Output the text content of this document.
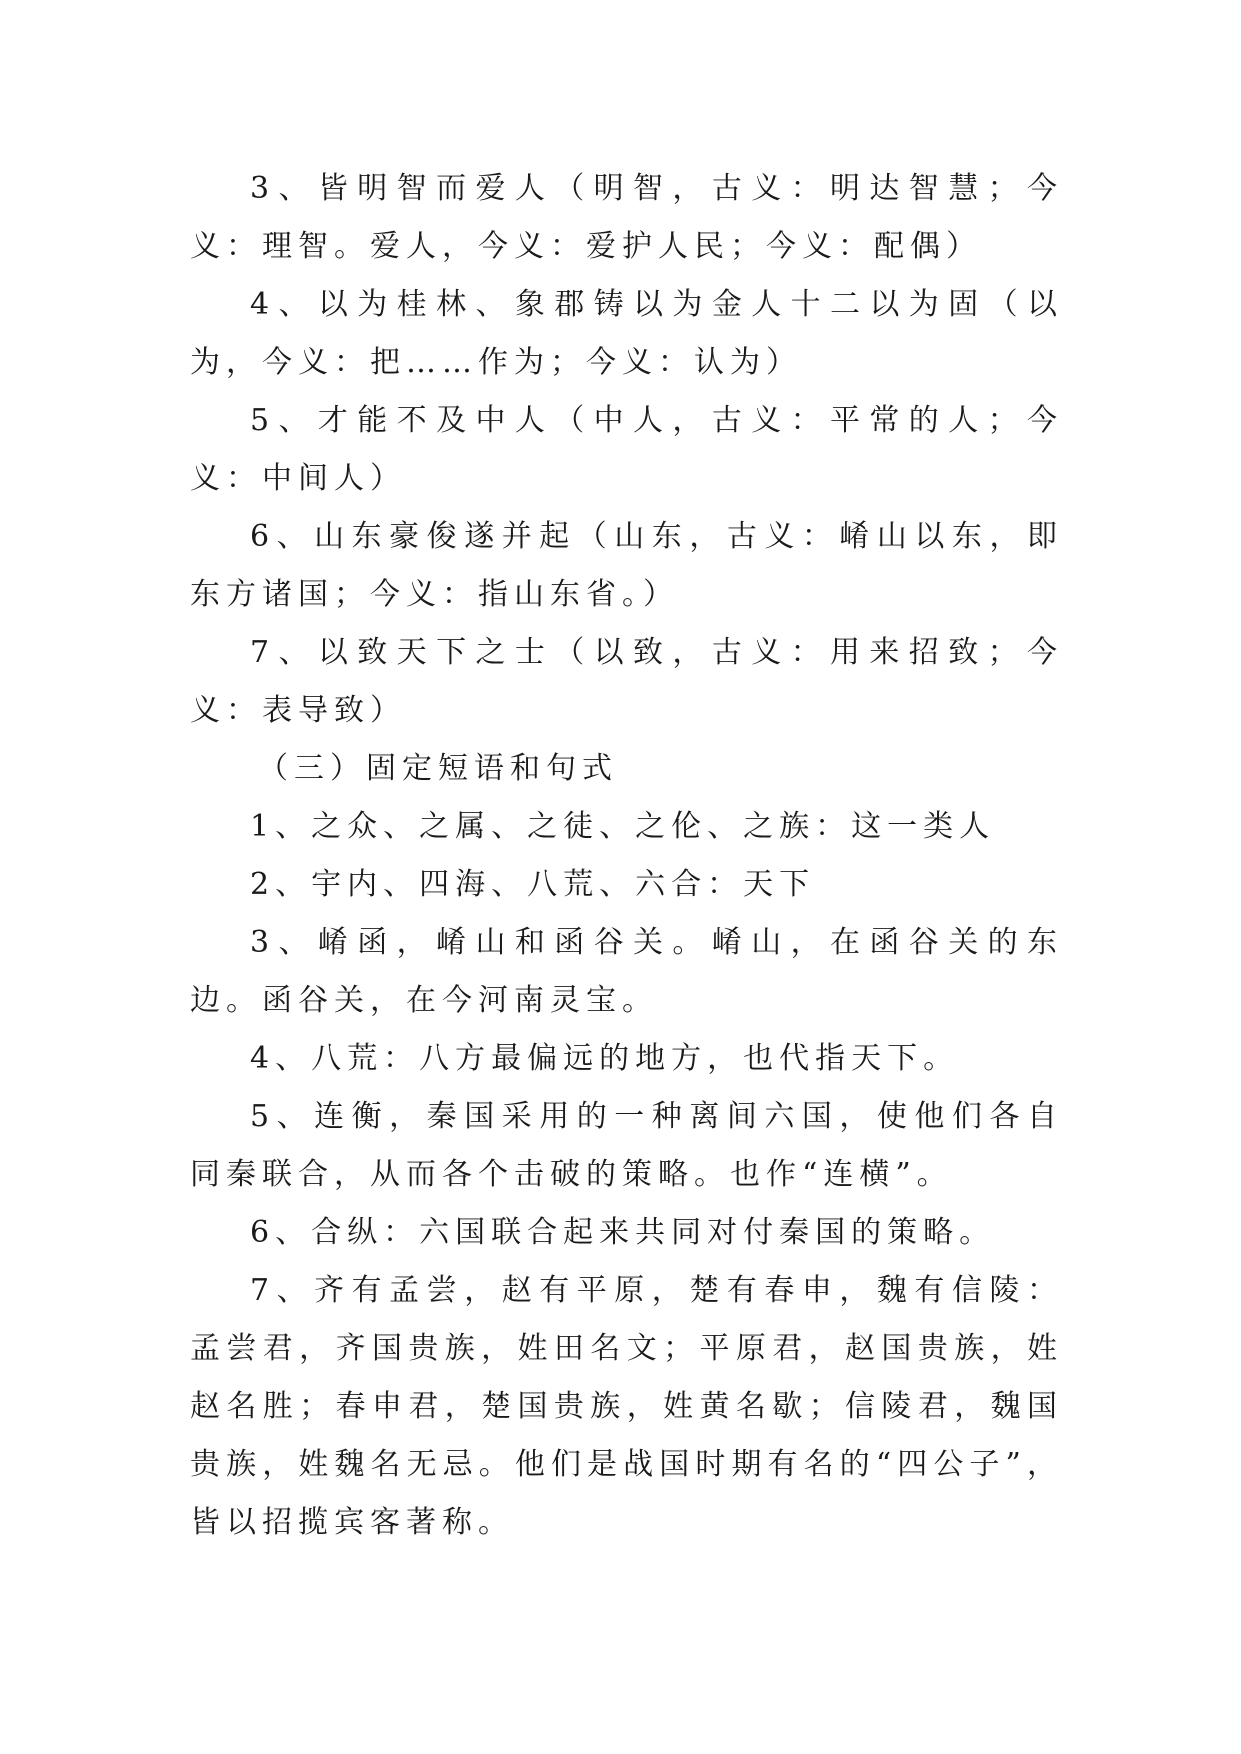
3、皆明智而爱人（明智，古义：明达智慧；今义：理智。爱人，今义：爱护人民；今义：配偶）

4、以为桂林、象郡铸以为金人十二以为固（以为，今义：把……作为；今义：认为）

5、才能不及中人（中人，古义：平常的人；今义：中间人）

6、山东豪俊遂并起（山东，古义：崤山以东，即东方诸国；今义：指山东省。）

7、以致天下之士（以致，古义：用来招致；今义：表导致）

（三）固定短语和句式

1、之众、之属、之徒、之伦、之族：这一类人

2、宇内、四海、八荒、六合：天下

3、崤函，崤山和函谷关。崤山，在函谷关的东边。函谷关，在今河南灵宝。

4、八荒：八方最偏远的地方，也代指天下。

5、连衡，秦国采用的一种离间六国，使他们各自同秦联合，从而各个击破的策略。也作“连横”。

6、合纵：六国联合起来共同对付秦国的策略。

7、齐有孟尝，赵有平原，楚有春申，魏有信陵：孟尝君，齐国贵族，姓田名文；平原君，赵国贵族，姓赵名胜；春申君，楚国贵族，姓黄名歇；信陵君，魏国贵族，姓魏名无忌。他们是战国时期有名的“四公子”，皆以招揽宾客著称。
